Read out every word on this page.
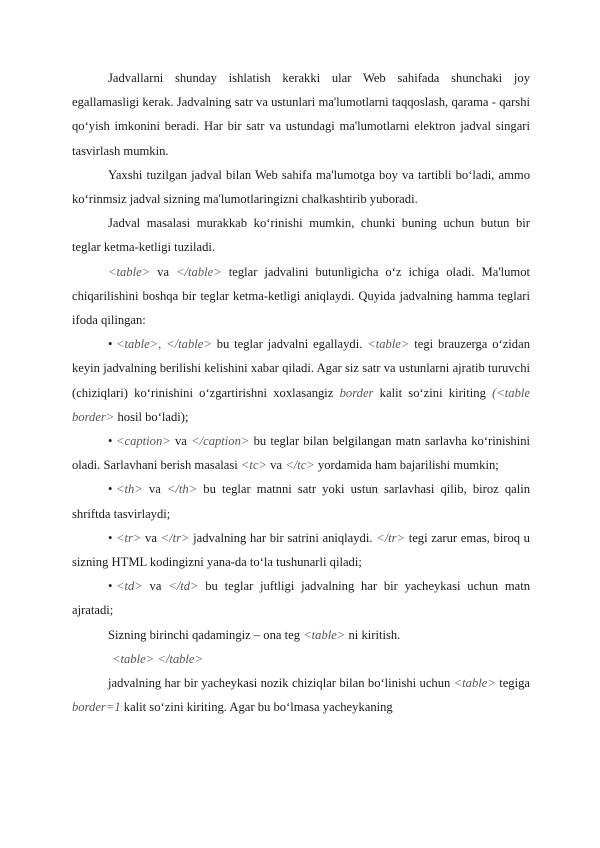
Jadvallarni shunday ishlatish kerakki ular Web sahifada shunchaki joy egallamasligi kerak. Jadvalning satr va ustunlari ma'lumotlarni taqqoslash, qarama - qarshi qo‘yish imkonini beradi. Har bir satr va ustundagi ma'lumotlarni elektron jadval singari tasvirlash mumkin.

Yaxshi tuzilgan jadval bilan Web sahifa ma'lumotga boy va tartibli bo‘ladi, ammo ko‘rinmsiz jadval sizning ma'lumotlaringizni chalkashtirib yuboradi.

Jadval masalasi murakkab ko‘rinishi mumkin, chunki buning uchun butun bir teglar ketma-ketligi tuziladi.

<table> va </table> teglar jadvalini butunligicha o‘z ichiga oladi. Ma'lumot chiqarilishini boshqa bir teglar ketma-ketligi aniqlaydi. Quyida jadvalning hamma teglari ifoda qilingan:

•<table>, </table> bu teglar jadvalni egallaydi. <table> tegi brauzerga o‘zidan keyin jadvalning berilishi kelishini xabar qiladi. Agar siz satr va ustunlarni ajratib turuvchi (chiziqlari) ko‘rinishini o‘zgartirishni xoxlasangiz border kalit so‘zini kiriting (<table border> hosil bo‘ladi);

•<caption> va </caption> bu teglar bilan belgilangan matn sarlavha ko‘rinishini oladi. Sarlavhani berish masalasi <tc> va </tc> yordamida ham bajarilishi mumkin;

•<th> va </th> bu teglar matnni satr yoki ustun sarlavhasi qilib, biroz qalin shriftda tasvirlaydi;

•<tr> va </tr> jadvalning har bir satrini aniqlaydi. </tr> tegi zarur emas, biroq u sizning HTML kodingizni yana-da to‘la tushunarli qiladi;

•<td> va </td> bu teglar juftligi jadvalning har bir yacheykasi uchun matn ajratadi;

Sizning birinchi qadamingiz – ona teg <table> ni kiritish.

<table> </table>

jadvalning har bir yacheykasi nozik chiziqlar bilan bo‘linishi uchun <table> tegiga border=1 kalit so‘zini kiriting. Agar bu bo‘lmasa yacheykaning
